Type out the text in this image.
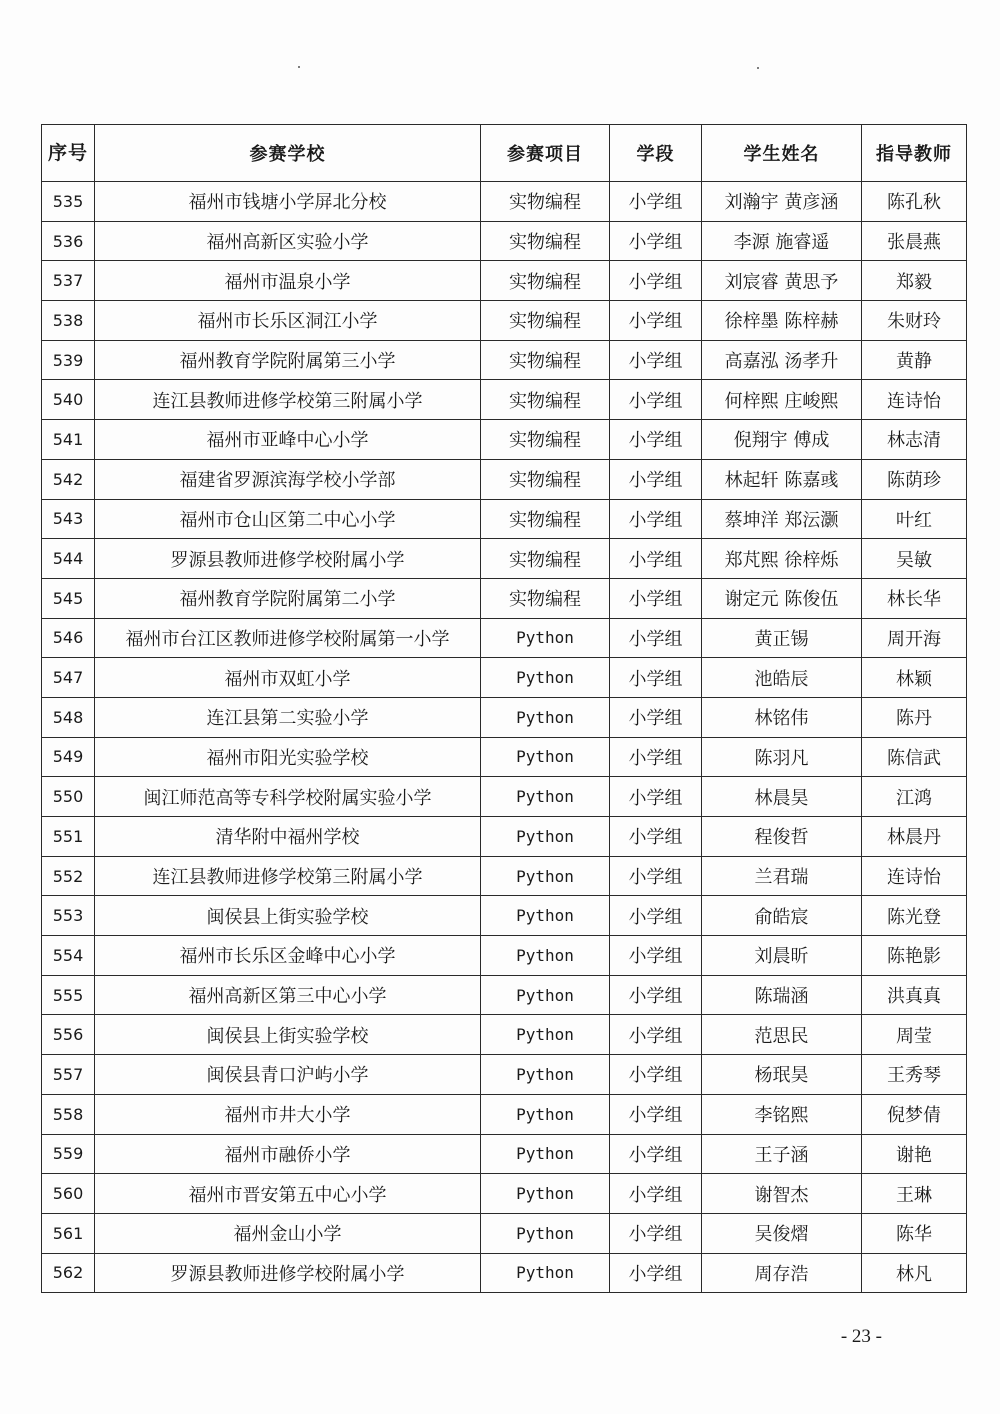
序号	参赛学校	参赛项目	学段	学生姓名	指导教师
535	福州市钱塘小学屏北分校	实物编程	小学组	刘瀚宇 黄彦涵	陈孔秋
536	福州高新区实验小学	实物编程	小学组	李源 施睿遥	张晨燕
537	福州市温泉小学	实物编程	小学组	刘宸睿 黄思予	郑毅
538	福州市长乐区洞江小学	实物编程	小学组	徐梓墨 陈梓赫	朱财玲
539	福州教育学院附属第三小学	实物编程	小学组	高嘉泓 汤孝升	黄静
540	连江县教师进修学校第三附属小学	实物编程	小学组	何梓熙 庄峻熙	连诗怡
541	福州市亚峰中心小学	实物编程	小学组	倪翔宇 傅成	林志清
542	福建省罗源滨海学校小学部	实物编程	小学组	林起轩 陈嘉彧	陈荫珍
543	福州市仓山区第二中心小学	实物编程	小学组	蔡坤洋 郑沄灏	叶红
544	罗源县教师进修学校附属小学	实物编程	小学组	郑芃熙 徐梓烁	吴敏
545	福州教育学院附属第二小学	实物编程	小学组	谢定元 陈俊伍	林长华
546	福州市台江区教师进修学校附属第一小学	Python	小学组	黄正锡	周开海
547	福州市双虹小学	Python	小学组	池皓辰	林颖
548	连江县第二实验小学	Python	小学组	林铭伟	陈丹
549	福州市阳光实验学校	Python	小学组	陈羽凡	陈信武
550	闽江师范高等专科学校附属实验小学	Python	小学组	林晨昊	江鸿
551	清华附中福州学校	Python	小学组	程俊哲	林晨丹
552	连江县教师进修学校第三附属小学	Python	小学组	兰君瑞	连诗怡
553	闽侯县上街实验学校	Python	小学组	俞皓宸	陈光登
554	福州市长乐区金峰中心小学	Python	小学组	刘晨昕	陈艳影
555	福州高新区第三中心小学	Python	小学组	陈瑞涵	洪真真
556	闽侯县上街实验学校	Python	小学组	范思民	周莹
557	闽侯县青口沪屿小学	Python	小学组	杨珉昊	王秀琴
558	福州市井大小学	Python	小学组	李铭熙	倪梦倩
559	福州市融侨小学	Python	小学组	王子涵	谢艳
560	福州市晋安第五中心小学	Python	小学组	谢智杰	王琳
561	福州金山小学	Python	小学组	吴俊熠	陈华
562	罗源县教师进修学校附属小学	Python	小学组	周存浩	林凡
- 23 -
